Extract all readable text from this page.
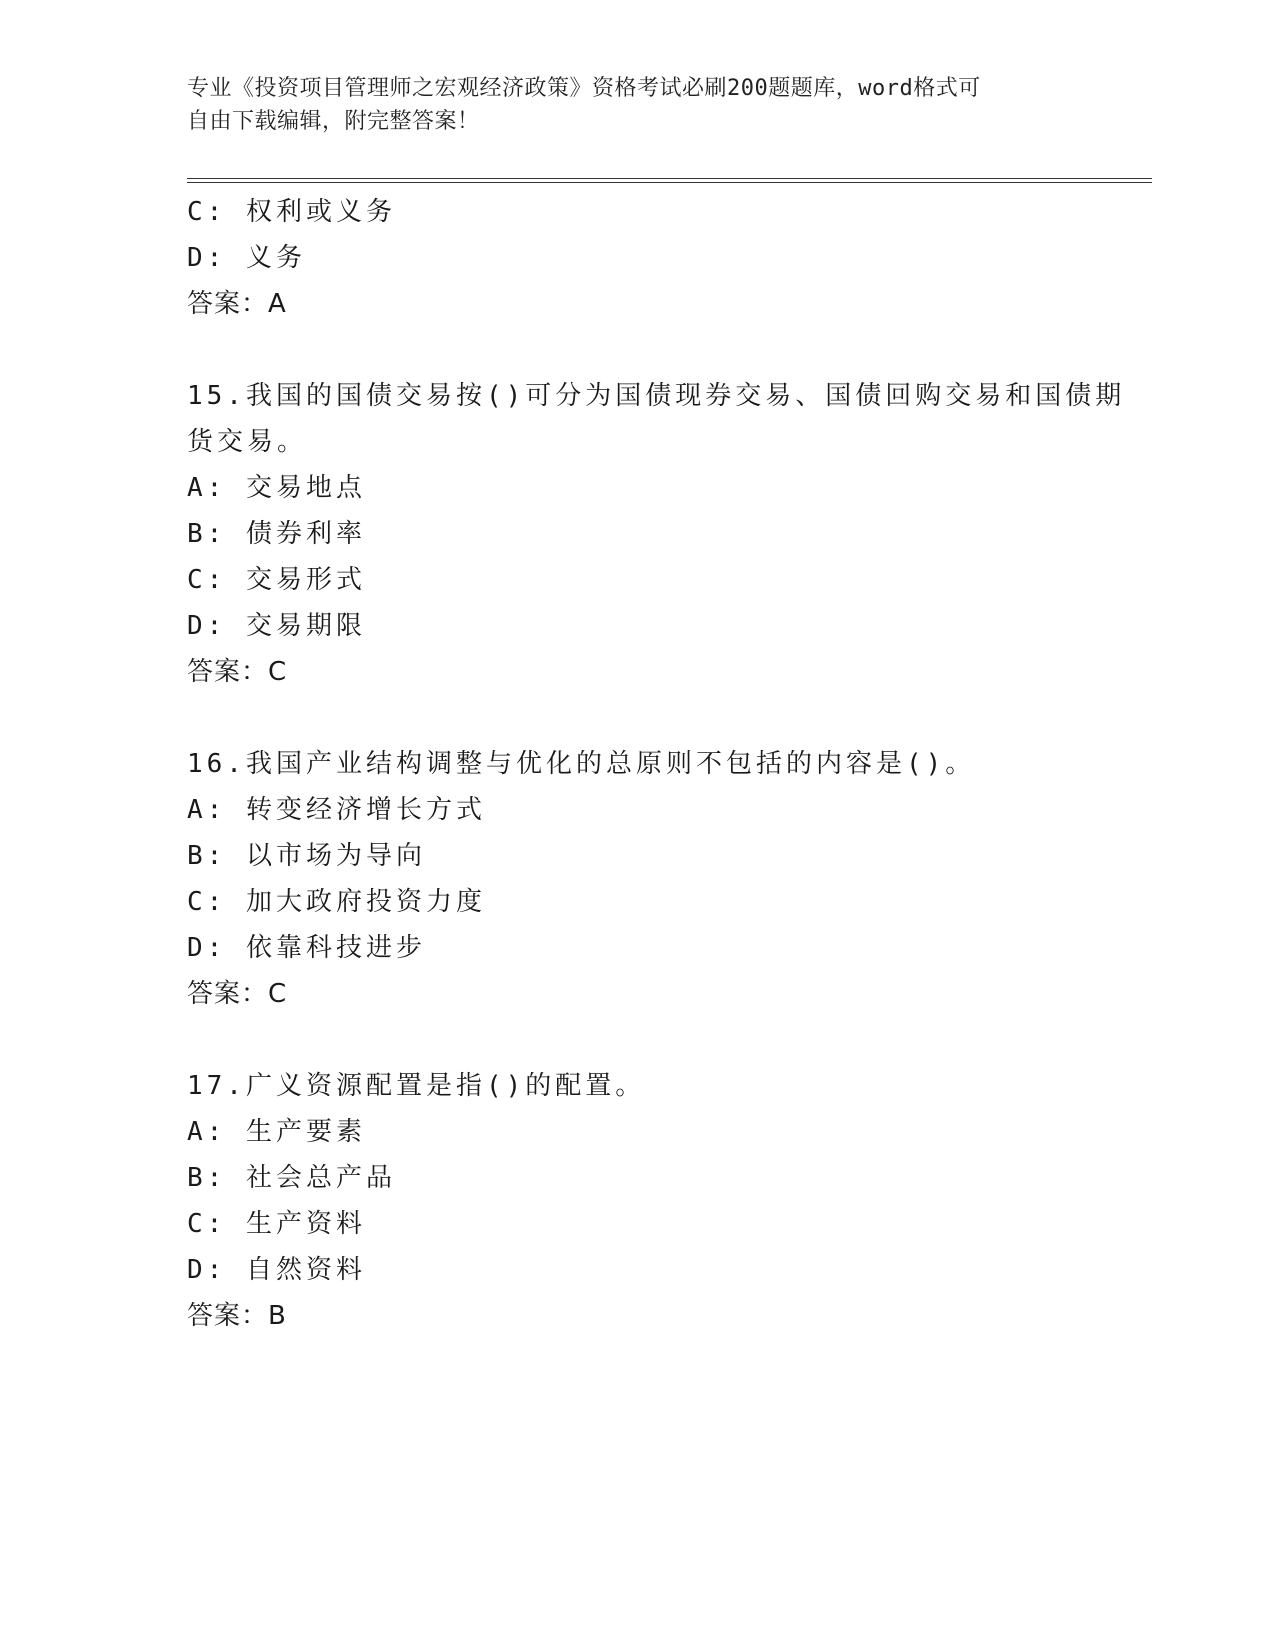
专业《投资项目管理师之宏观经济政策》资格考试必刷200题题库，word格式可
自由下载编辑，附完整答案！
C: 权利或义务
D: 义务
答案：A
15.我国的国债交易按()可分为国债现券交易、国债回购交易和国债期
货交易。
A: 交易地点
B: 债券利率
C: 交易形式
D: 交易期限
答案：C
16.我国产业结构调整与优化的总原则不包括的内容是()。
A: 转变经济增长方式
B: 以市场为导向
C: 加大政府投资力度
D: 依靠科技进步
答案：C
17.广义资源配置是指()的配置。
A: 生产要素
B: 社会总产品
C: 生产资料
D: 自然资料
答案：B
